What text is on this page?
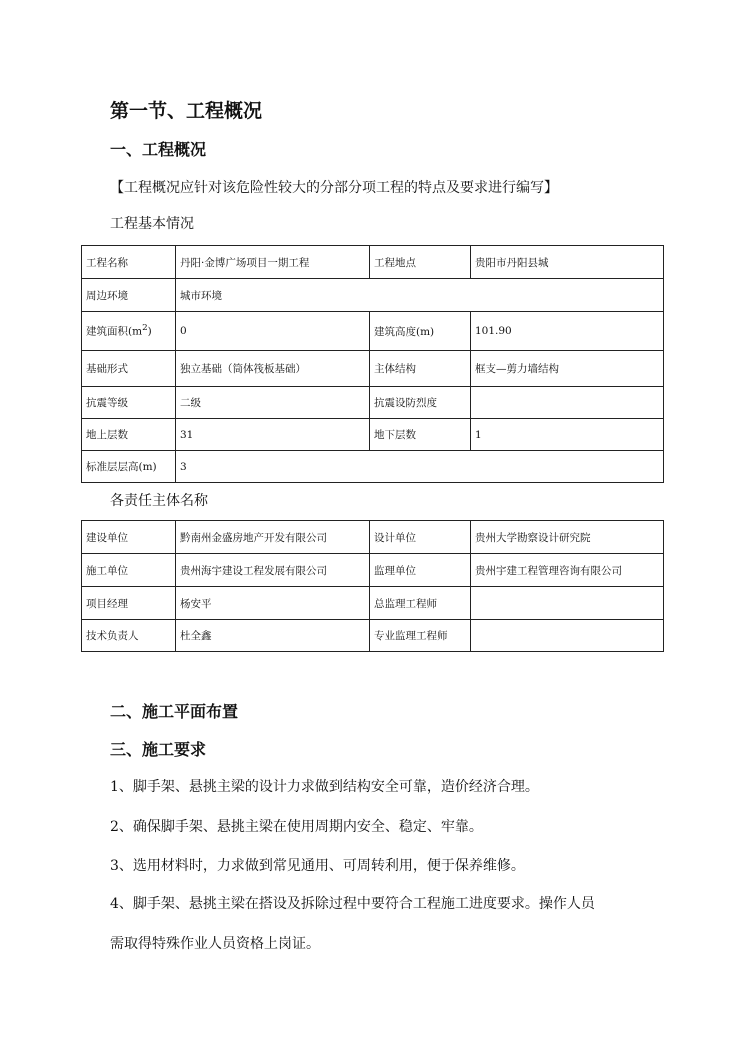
第一节、工程概况
一、工程概况
【工程概况应针对该危险性较大的分部分项工程的特点及要求进行编写】
工程基本情况
工程名称	丹阳·金博广场项目一期工程	工程地点	贵阳市丹阳县城
周边环境	城市环境		
建筑面积$(m^2)$	0	建筑高度(m)	101.90
基础形式	独立基础（筒体筏板基础）	主体结构	框支—剪力墙结构
抗震等级	二级	抗震设防烈度	
地上层数	31	地下层数	1
标准层层高(m)	3		
各责任主体名称
建设单位	黔南州金盛房地产开发有限公司	设计单位	贵州大学勘察设计研究院
施工单位	贵州海宇建设工程发展有限公司	监理单位	贵州宇建工程管理咨询有限公司
项目经理	杨安平	总监理工程师	
技术负责人	杜全鑫	专业监理工程师	
二、施工平面布置
三、施工要求
1、脚手架、悬挑主梁的设计力求做到结构安全可靠，造价经济合理。
2、确保脚手架、悬挑主梁在使用周期内安全、稳定、牢靠。
3、选用材料时，力求做到常见通用、可周转利用，便于保养维修。
4、脚手架、悬挑主梁在搭设及拆除过程中要符合工程施工进度要求。操作人员
需取得特殊作业人员资格上岗证。
